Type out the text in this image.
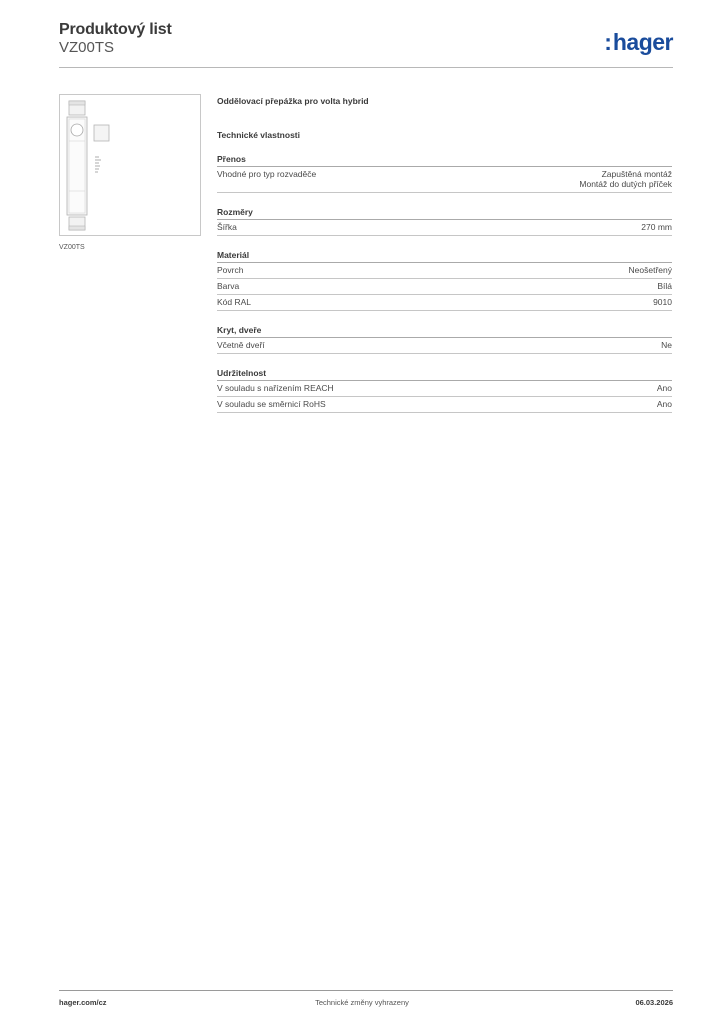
Produktový list
VZ00TS	:hager
VZ00TS
Oddělovací přepážka pro volta hybrid
Technické vlastnosti
Přenos
Vhodné pro typ rozvaděče	Zapuštěná montáž
Montáž do dutých příček
Rozměry
Šířka	270 mm
Materiál
Povrch	Neošetřený
Barva	Bílá
Kód RAL	9010
Kryt, dveře
Včetně dveří	Ne
Udržitelnost
V souladu s nařízením REACH	Ano
V souladu se směrnicí RoHS	Ano
hager.com/cz	Technické změny vyhrazeny	06.03.2026
